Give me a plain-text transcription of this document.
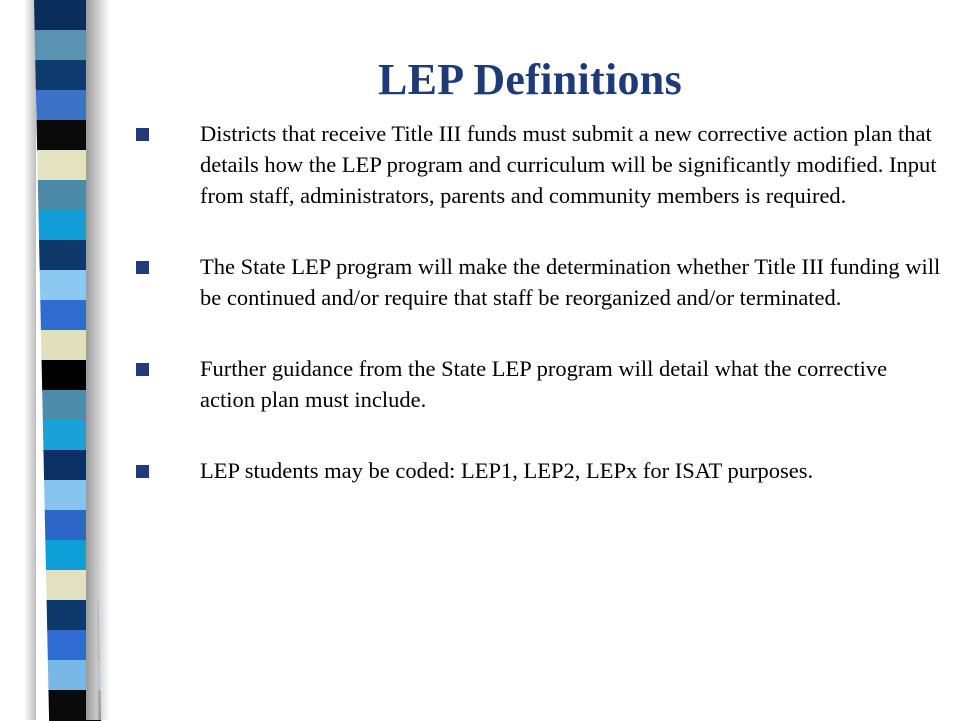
LEP Definitions
Districts that receive Title III funds must submit a new corrective action plan that details how the LEP program and curriculum will be significantly modified. Input from staff, administrators, parents and community members is required.
The State LEP program will make the determination whether Title III funding will be continued and/or require that staff be reorganized and/or terminated.
Further guidance from the State LEP program will detail what the corrective action plan must include.
LEP students may be coded: LEP1, LEP2, LEPx for ISAT purposes.
